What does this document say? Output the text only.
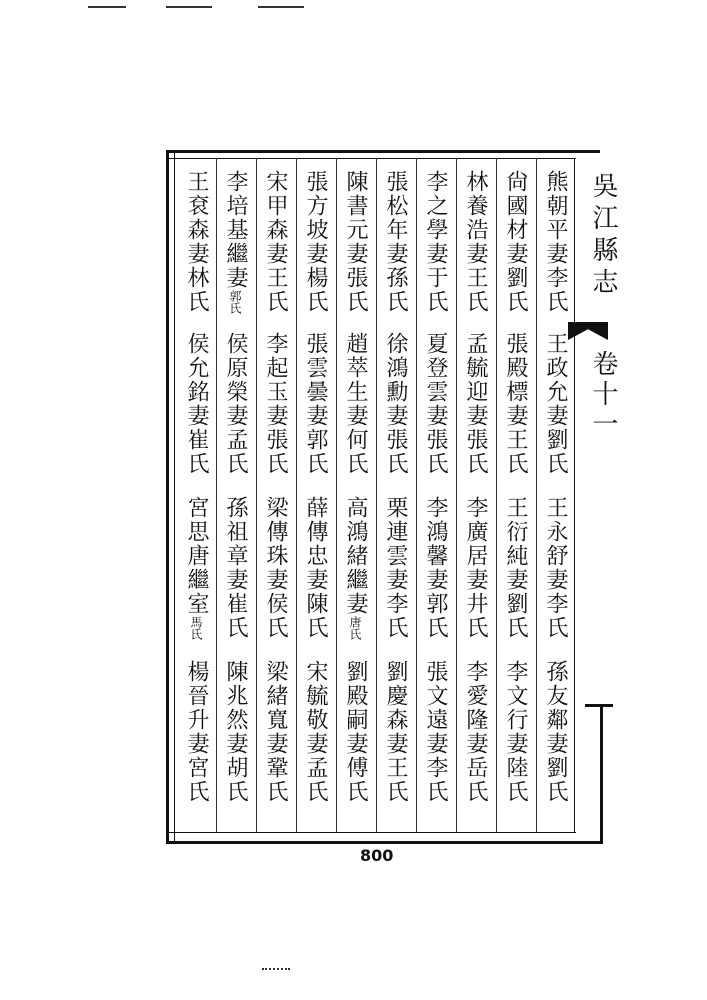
熊朝平妻李氏
王政允妻劉氏
王永舒妻李氏
孫友鄰妻劉氏
尙國材妻劉氏
張殿標妻王氏
王衍純妻劉氏
李文行妻陸氏
林養浩妻王氏
孟毓迎妻張氏
李廣居妻井氏
李愛隆妻岳氏
李之學妻于氏
夏登雲妻張氏
李鴻馨妻郭氏
張文遠妻李氏
張松年妻孫氏
徐鴻勳妻張氏
栗連雲妻李氏
劉慶森妻王氏
陳書元妻張氏
趙萃生妻何氏
高鴻緒繼妻唐氏
劉殿嗣妻傅氏
張方坡妻楊氏
張雲曇妻郭氏
薛傳忠妻陳氏
宋毓敬妻孟氏
宋甲森妻王氏
李起玉妻張氏
梁傳珠妻侯氏
梁緒寬妻鞏氏
李培基繼妻郭氏
侯原榮妻孟氏
孫祖章妻崔氏
陳兆然妻胡氏
王袞森妻林氏
侯允銘妻崔氏
宮思唐繼室馬氏
楊晉升妻宮氏
吳江縣志
卷十一
800
